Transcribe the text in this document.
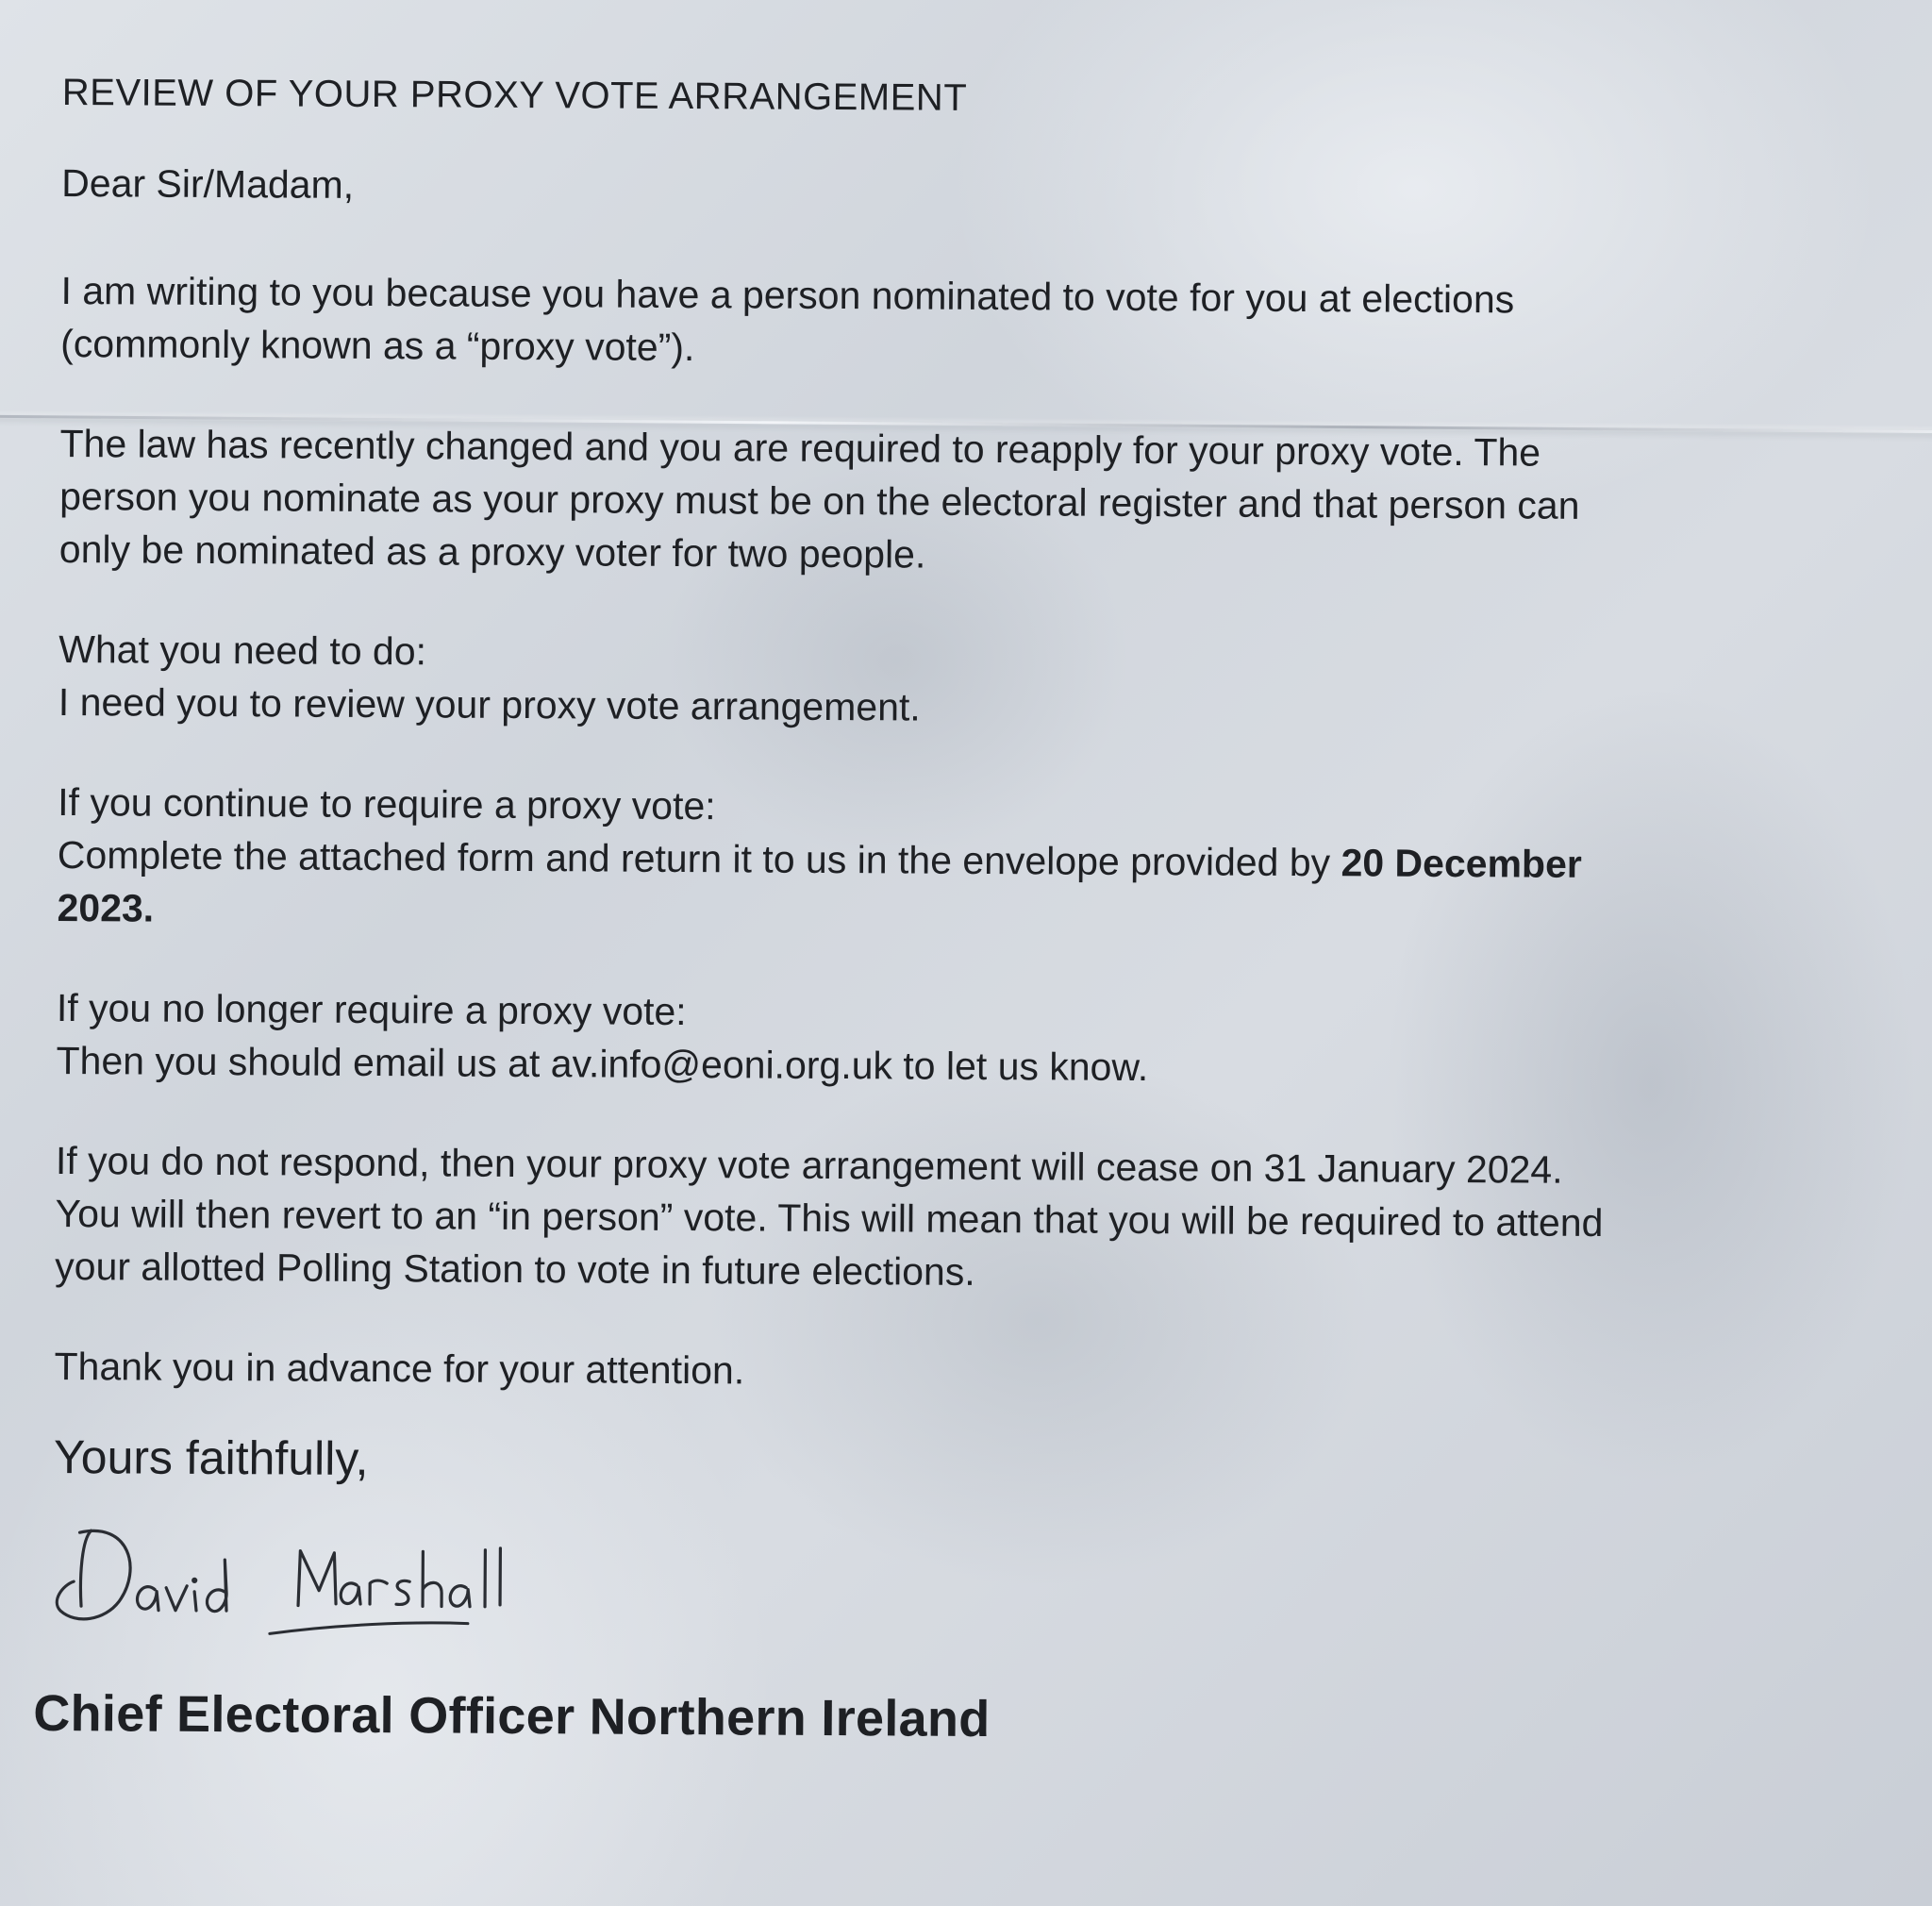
REVIEW OF YOUR PROXY VOTE ARRANGEMENT
Dear Sir/Madam,
I am writing to you because you have a person nominated to vote for you at elections
(commonly known as a “proxy vote”).
The law has recently changed and you are required to reapply for your proxy vote. The
person you nominate as your proxy must be on the electoral register and that person can
only be nominated as a proxy voter for two people.
What you need to do:
I need you to review your proxy vote arrangement.
If you continue to require a proxy vote:
Complete the attached form and return it to us in the envelope provided by 20 December
2023.
If you no longer require a proxy vote:
Then you should email us at av.info@eoni.org.uk to let us know.
If you do not respond, then your proxy vote arrangement will cease on 31 January 2024.
You will then revert to an “in person” vote. This will mean that you will be required to attend
your allotted Polling Station to vote in future elections.
Thank you in advance for your attention.
Yours faithfully,
Chief Electoral Officer Northern Ireland
